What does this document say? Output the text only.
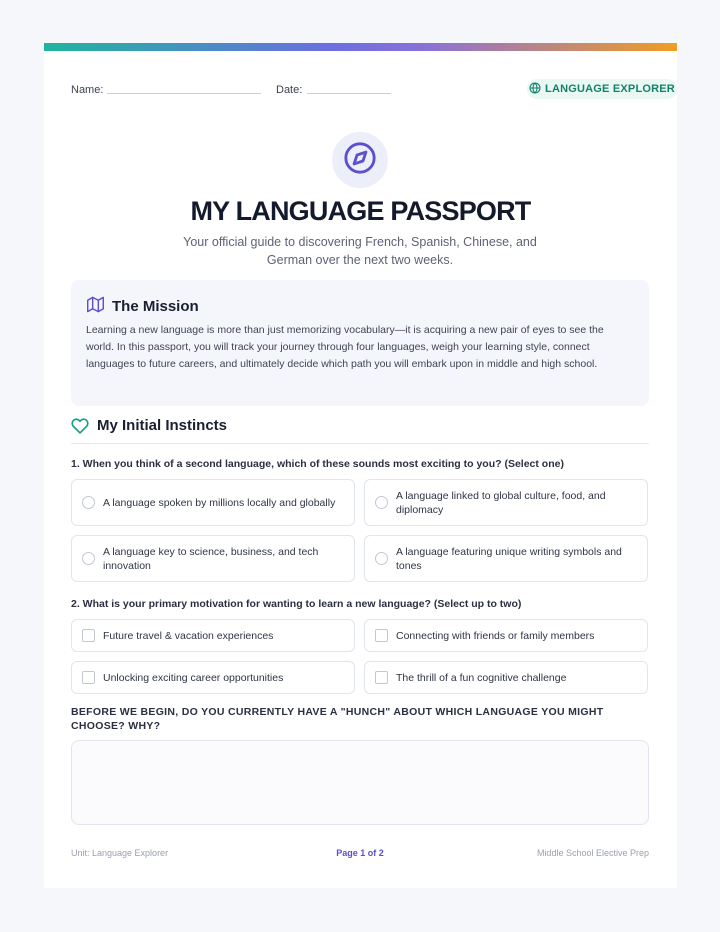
Name:	Date:	LANGUAGE EXPLORER
MY LANGUAGE PASSPORT

Your official guide to discovering French, Spanish, Chinese, and German over the next two weeks.

The Mission

Learning a new language is more than just memorizing vocabulary—it is acquiring a new pair of eyes to see the world. In this passport, you will track your journey through four languages, weigh your learning style, connect languages to future careers, and ultimately decide which path you will embark upon in middle and high school.

My Initial Instincts

1. When you think of a second language, which of these sounds most exciting to you? (Select one)

A language spoken by millions locally and globally
A language linked to global culture, food, and diplomacy
A language key to science, business, and tech innovation
A language featuring unique writing symbols and tones

2. What is your primary motivation for wanting to learn a new language? (Select up to two)

Future travel & vacation experiences	Connecting with friends or family members
Unlocking exciting career opportunities	The thrill of a fun cognitive challenge

BEFORE WE BEGIN, DO YOU CURRENTLY HAVE A "HUNCH" ABOUT WHICH LANGUAGE YOU MIGHT CHOOSE? WHY?

Unit: Language Explorer	Page 1 of 2	Middle School Elective Prep
